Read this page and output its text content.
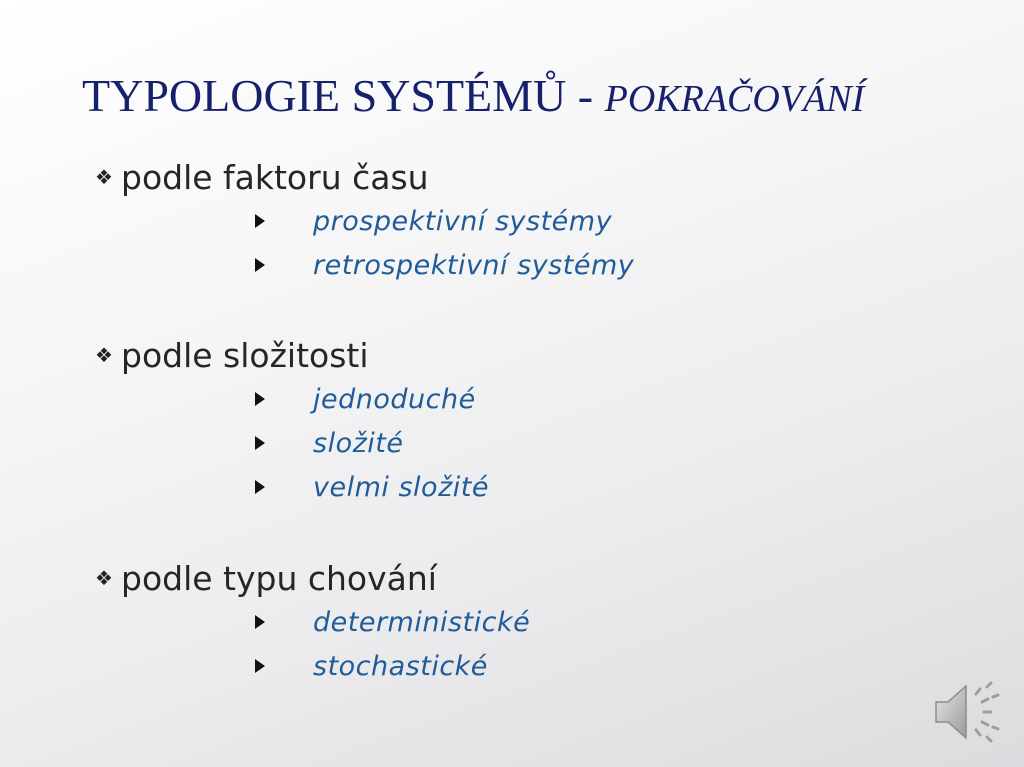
TYPOLOGIE SYSTÉMŮ - POKRAČOVÁNÍ
❖ podle faktoru času
prospektivní systémy
retrospektivní systémy
❖ podle složitosti
jednoduché
složité
velmi složité
❖ podle typu chování
deterministické
stochastické
